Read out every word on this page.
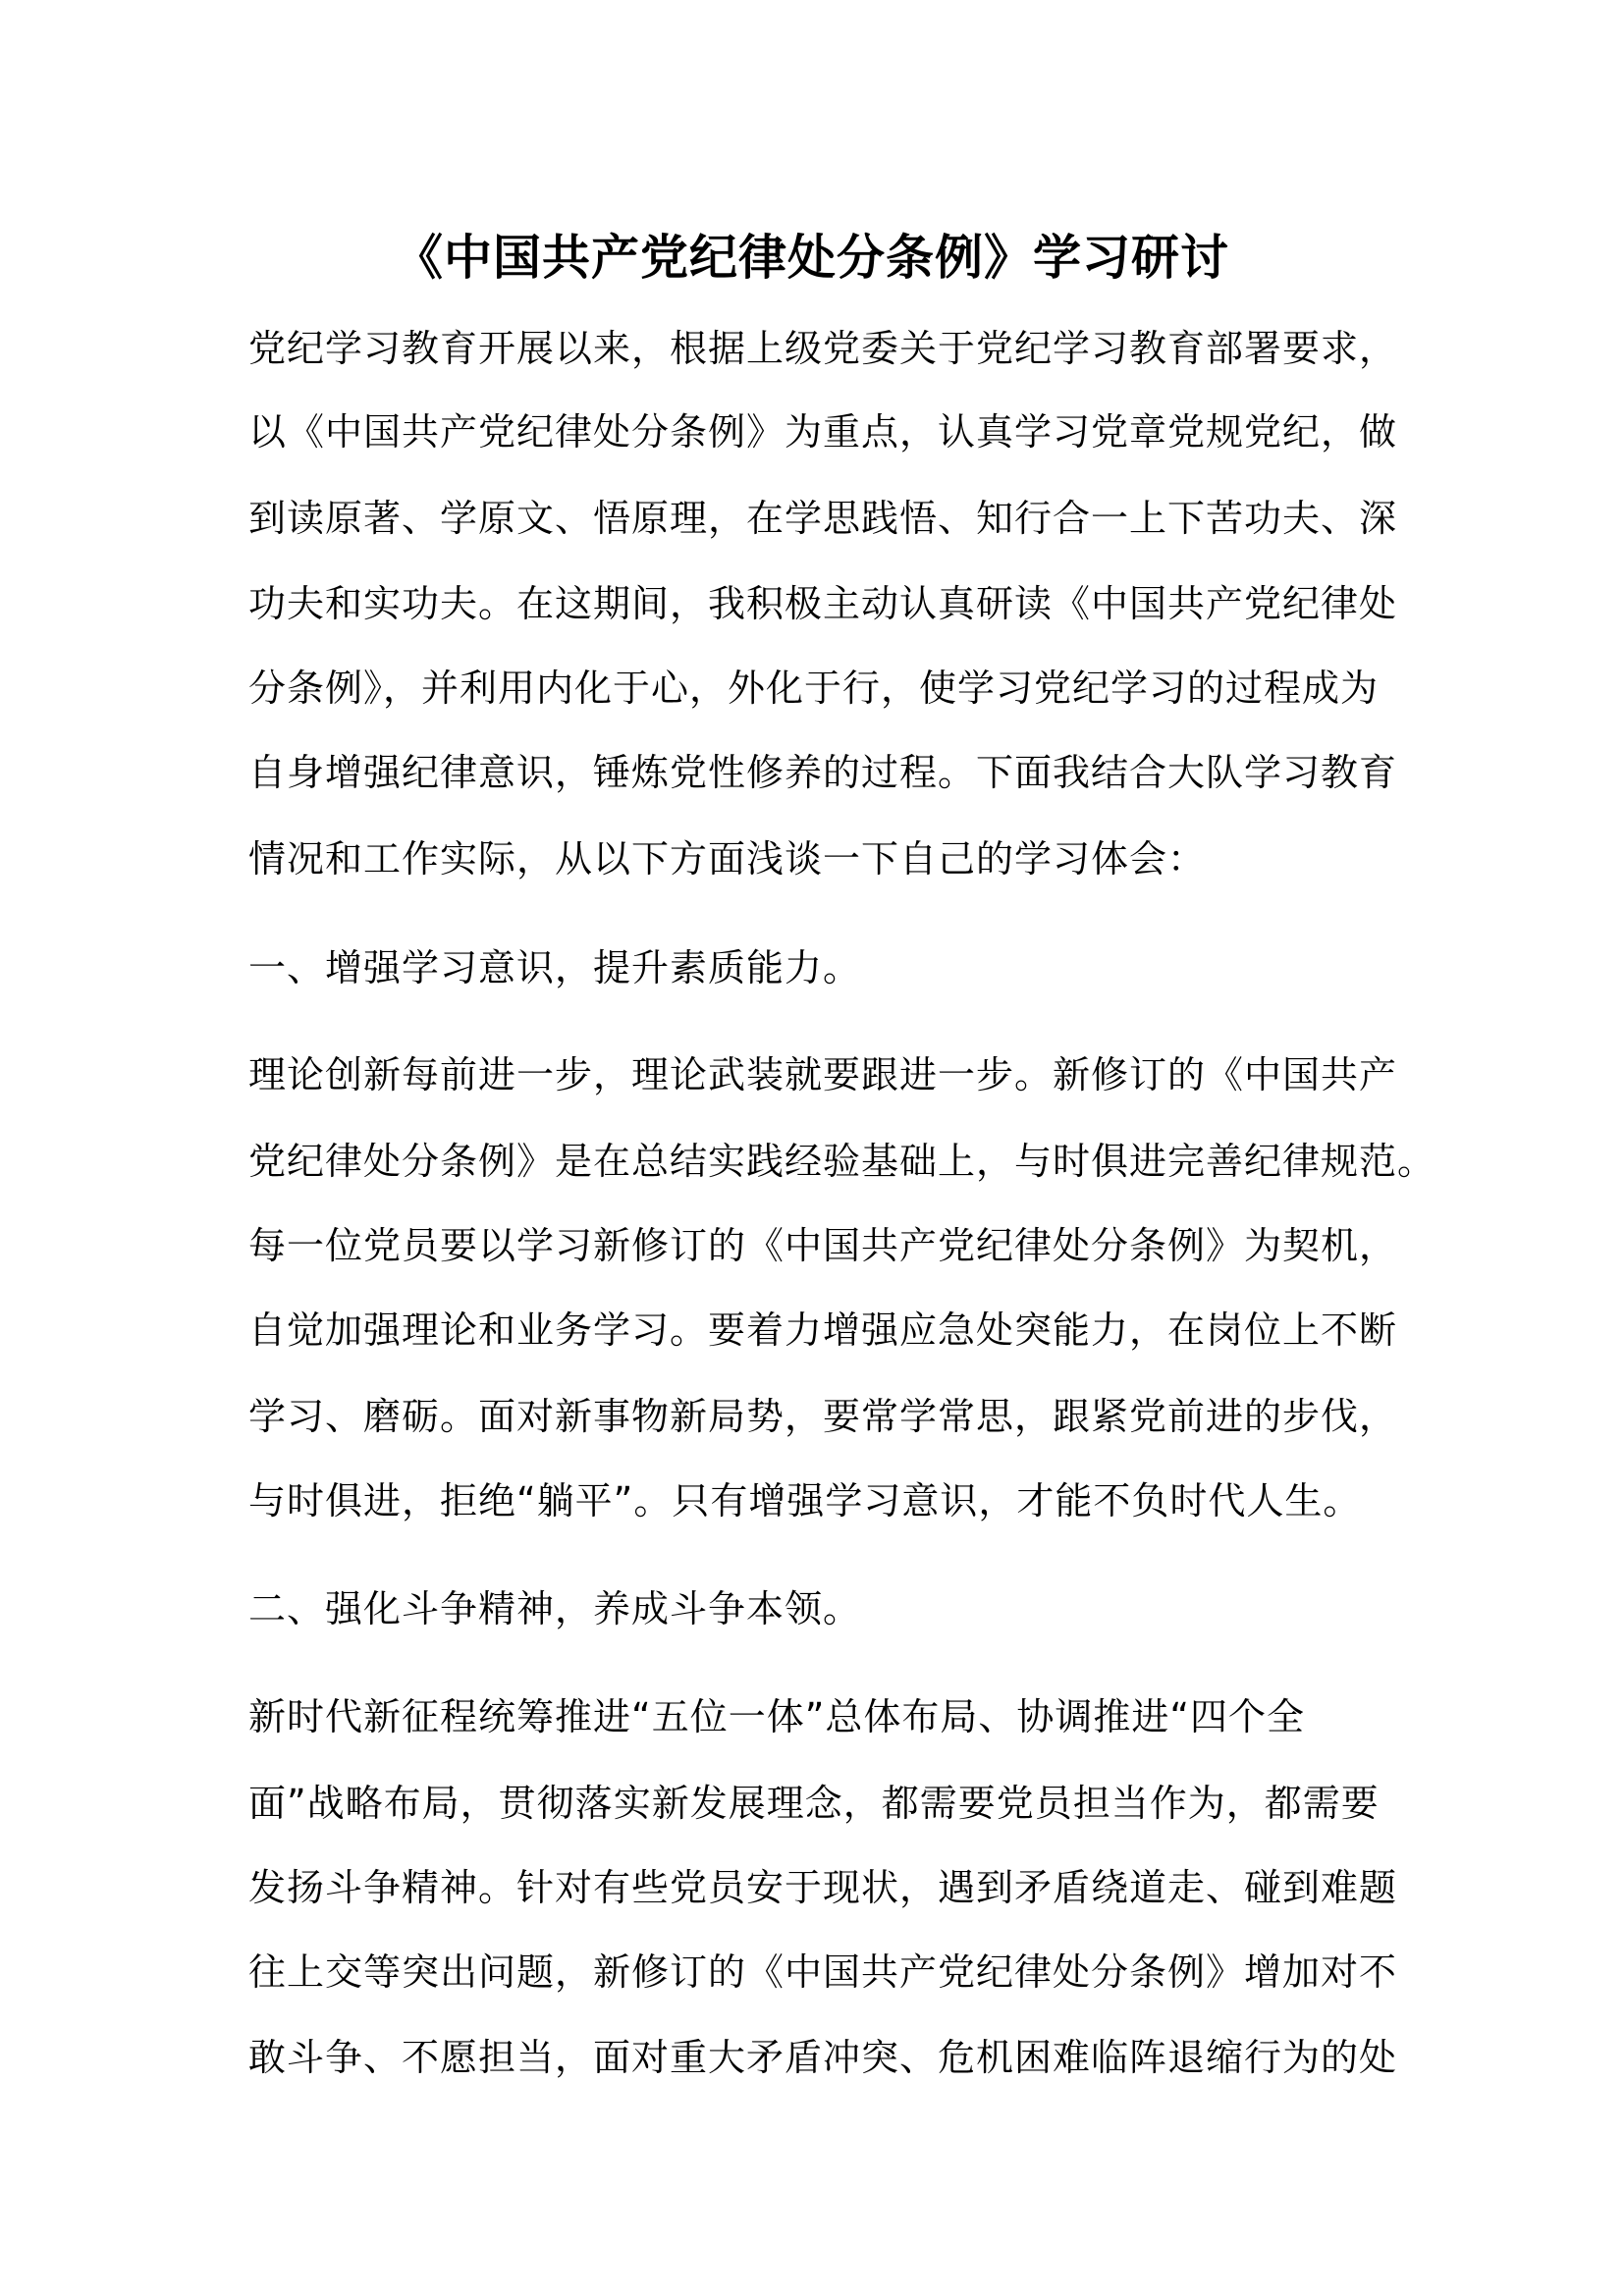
《中国共产党纪律处分条例》学习研讨
党纪学习教育开展以来，根据上级党委关于党纪学习教育部署要求，
以《中国共产党纪律处分条例》为重点，认真学习党章党规党纪，做
到读原著、学原文、悟原理，在学思践悟、知行合一上下苦功夫、深
功夫和实功夫。在这期间，我积极主动认真研读《中国共产党纪律处
分条例》，并利用内化于心，外化于行，使学习党纪学习的过程成为
自身增强纪律意识，锤炼党性修养的过程。下面我结合大队学习教育
情况和工作实际，从以下方面浅谈一下自己的学习体会：
一、增强学习意识，提升素质能力。
理论创新每前进一步，理论武装就要跟进一步。新修订的《中国共产
党纪律处分条例》是在总结实践经验基础上，与时俱进完善纪律规范。
每一位党员要以学习新修订的《中国共产党纪律处分条例》为契机，
自觉加强理论和业务学习。要着力增强应急处突能力，在岗位上不断
学习、磨砺。面对新事物新局势，要常学常思，跟紧党前进的步伐，
与时俱进，拒绝“躺平”。只有增强学习意识，才能不负时代人生。
二、强化斗争精神，养成斗争本领。
新时代新征程统筹推进“五位一体”总体布局、协调推进“四个全
面”战略布局，贯彻落实新发展理念，都需要党员担当作为，都需要
发扬斗争精神。针对有些党员安于现状，遇到矛盾绕道走、碰到难题
往上交等突出问题，新修订的《中国共产党纪律处分条例》增加对不
敢斗争、不愿担当，面对重大矛盾冲突、危机困难临阵退缩行为的处
